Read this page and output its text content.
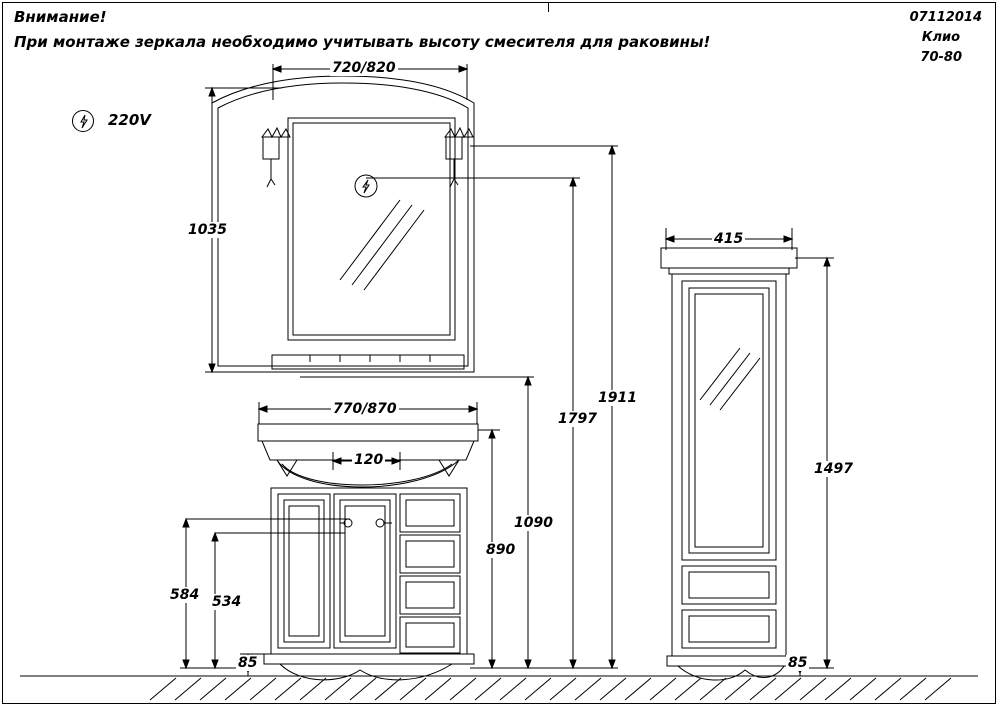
Внимание!
При монтаже зеркала необходимо учитывать высоту смесителя для раковины!
07112014
Клио
70-80
220V
720/820
1035
770/870
120
415
1497
1911
1797
1090
890
584 534
85	85
